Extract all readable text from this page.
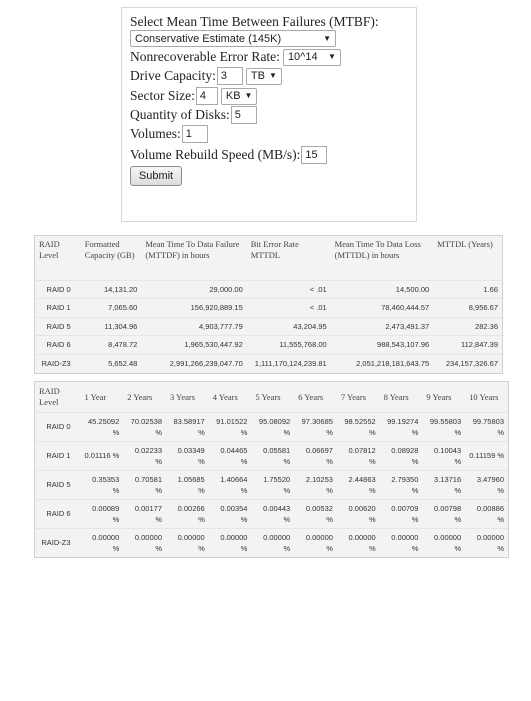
Select Mean Time Between Failures (MTBF):
Conservative Estimate (145K)	▼
Nonrecoverable Error Rate: 10^14 ▼
Drive Capacity: 3	TB ▼
Sector Size: 4	KB ▼
Quantity of Disks: 5
Volumes: 1
Volume Rebuild Speed (MB/s): 15
Submit
RAID Level	Formatted Capacity (GB)	Mean Time To Data Failure (MTTDF) in hours	Bit Error Rate MTTDL	Mean Time To Data Loss (MTTDL) in hours	MTTDL (Years)
RAID 0	14,131.20	29,000.00	< .01	14,500.00	1.66
RAID 1	7,065.60	156,920,889.15	< .01	78,460,444.57	8,956.67
RAID 5	11,304.96	4,903,777.79	43,204.95	2,473,491.37	282.36
RAID 6	8,478.72	1,965,530,447.92	11,555,768.00	988,543,107.96	112,847.39
RAID-Z3	5,652.48	2,991,266,239,047.70	1,111,170,124,239.81	2,051,218,181,643.75	234,157,326.67
RAID Level	1 Year	2 Years	3 Years	4 Years	5 Years	6 Years	7 Years	8 Years	9 Years	10 Years
RAID 0	45.25092 %	70.02538 %	83.58917 %	91.01522 %	95.08092 %	97.30685 %	98.52552 %	99.19274 %	99.55803 %	99.75803 %
RAID 1	0.01116 %	0.02233 %	0.03349 %	0.04465 %	0.05581 %	0.06697 %	0.07812 %	0.08928 %	0.10043 %	0.11159 %
RAID 5	0.35353 %	0.70581 %	1.05685 %	1.40664 %	1.75520 %	2.10253 %	2.44863 %	2.79350 %	3.13716 %	3.47960 %
RAID 6	0.00089 %	0.00177 %	0.00266 %	0.00354 %	0.00443 %	0.00532 %	0.00620 %	0.00709 %	0.00798 %	0.00886 %
RAID-Z3	0.00000 %	0.00000 %	0.00000 %	0.00000 %	0.00000 %	0.00000 %	0.00000 %	0.00000 %	0.00000 %	0.00000 %
